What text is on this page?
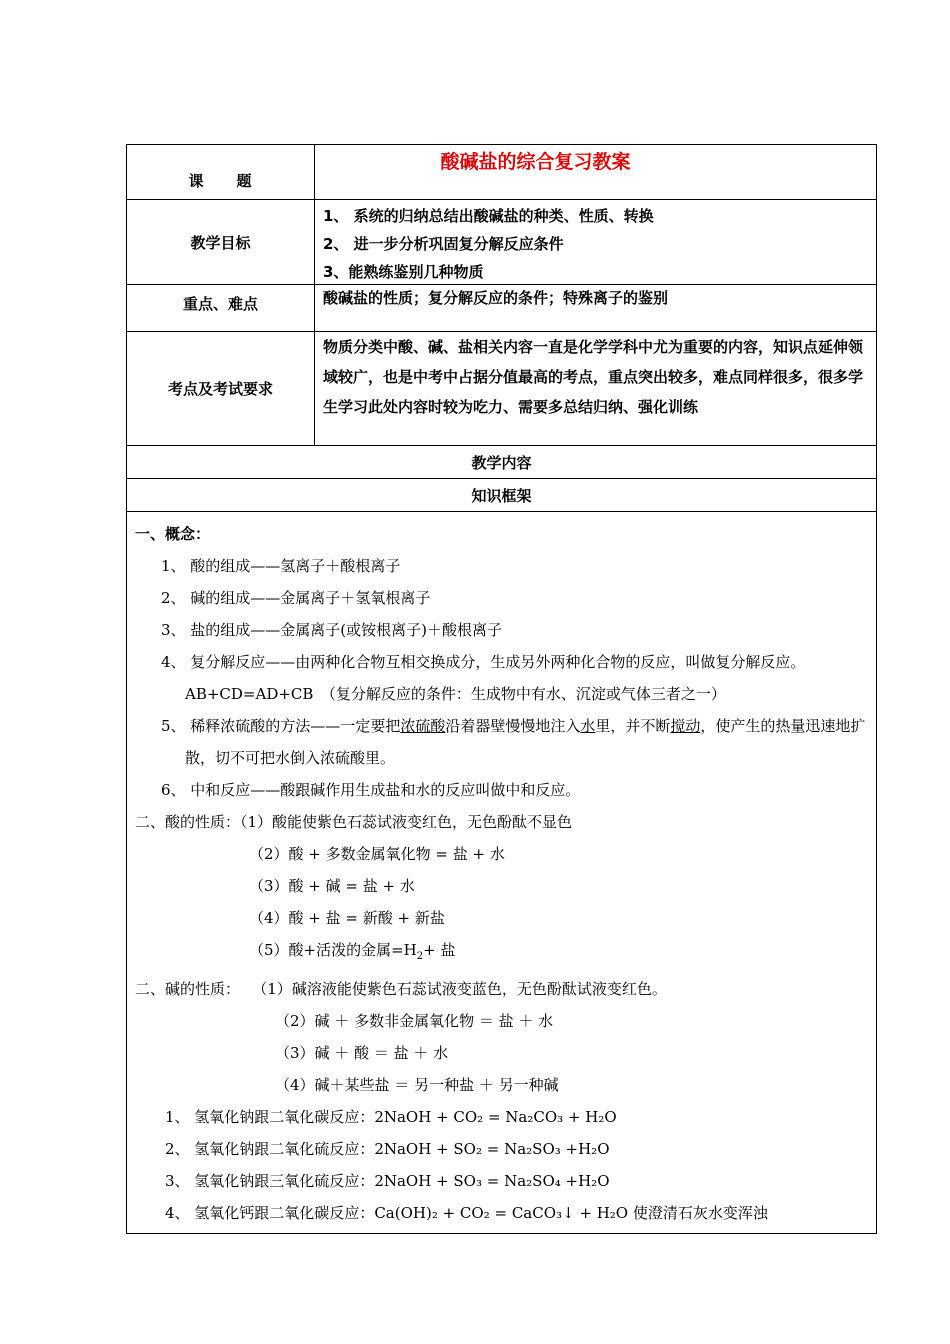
课　　题
酸碱盐的综合复习教案
教学目标
1、 系统的归纳总结出酸碱盐的种类、性质、转换
2、 进一步分析巩固复分解反应条件
3、能熟练鉴别几种物质
重点、难点	酸碱盐的性质；复分解反应的条件；特殊离子的鉴别
考点及考试要求
物质分类中酸、碱、盐相关内容一直是化学学科中尤为重要的内容，知识点延伸领域较广，也是中考中占据分值最高的考点，重点突出较多，难点同样很多，很多学生学习此处内容时较为吃力、需要多总结归纳、强化训练
教学内容
知识框架
一、概念：
1、 酸的组成——氢离子＋酸根离子
2、 碱的组成——金属离子＋氢氧根离子
3、 盐的组成——金属离子(或铵根离子)＋酸根离子
4、 复分解反应——由两种化合物互相交换成分，生成另外两种化合物的反应，叫做复分解反应。AB+CD=AD+CB　（复分解反应的条件：生成物中有水、沉淀或气体三者之一）
5、 稀释浓硫酸的方法——一定要把浓硫酸沿着器壁慢慢地注入水里，并不断搅动，使产生的热量迅速地扩散，切不可把水倒入浓硫酸里。
6、 中和反应——酸跟碱作用生成盐和水的反应叫做中和反应。
二、酸的性质：（1）酸能使紫色石蕊试液变红色，无色酚酞不显色
（2）酸 + 多数金属氧化物 = 盐 + 水
（3）酸 + 碱 = 盐 + 水
（4）酸 + 盐 = 新酸 + 新盐
（5）酸+活泼的金属$=H_2+$ 盐
二、碱的性质：　 （1）碱溶液能使紫色石蕊试液变蓝色，无色酚酞试液变红色。
（2）碱 ＋ 多数非金属氧化物 ＝ 盐 ＋ 水
（3）碱 ＋ 酸 ＝ 盐 ＋ 水
（4）碱＋某些盐 ＝ 另一种盐 ＋ 另一种碱
1、 氢氧化钠跟二氧化碳反应：2NaOH + CO₂ = Na₂CO₃ + H₂O
2、 氢氧化钠跟二氧化硫反应：2NaOH + SO₂ = Na₂SO₃ +H₂O
3、 氢氧化钠跟三氧化硫反应：2NaOH + SO₃ = Na₂SO₄ +H₂O
4、 氢氧化钙跟二氧化碳反应：Ca(OH)₂ + CO₂ = CaCO₃↓ + H₂O 使澄清石灰水变浑浊
